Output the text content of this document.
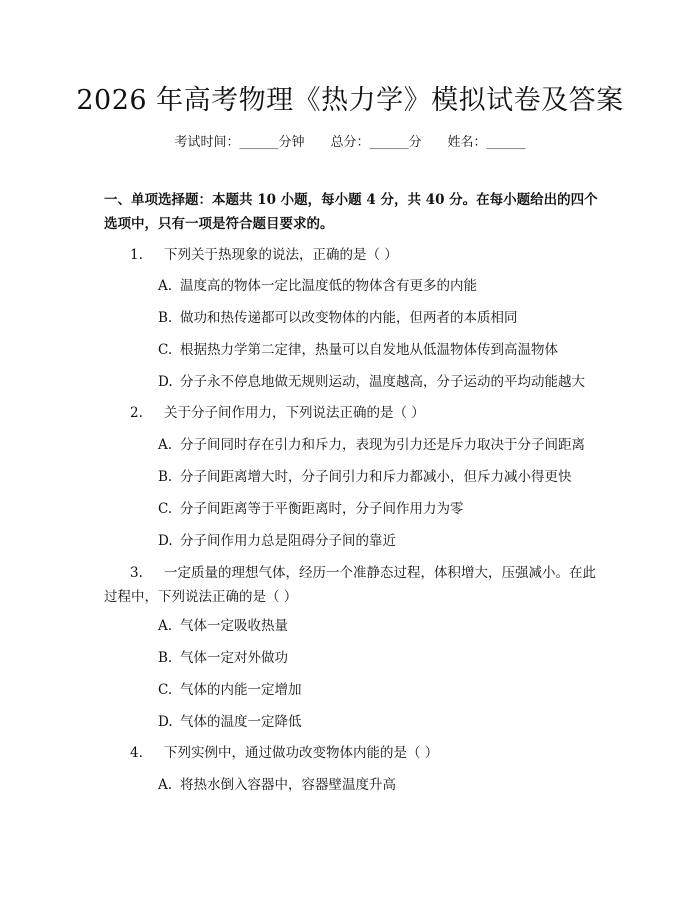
2026 年高考物理《热力学》模拟试卷及答案
考试时间：______分钟 总分：______分 姓名：______
一、单项选择题：本题共 10 小题，每小题 4 分，共 40 分。在每小题给出的四个选项中，只有一项是符合题目要求的。
1. 下列关于热现象的说法，正确的是（ ）
A. 温度高的物体一定比温度低的物体含有更多的内能
B. 做功和热传递都可以改变物体的内能，但两者的本质相同
C. 根据热力学第二定律，热量可以自发地从低温物体传到高温物体
D. 分子永不停息地做无规则运动，温度越高，分子运动的平均动能越大
2. 关于分子间作用力，下列说法正确的是（ ）
A. 分子间同时存在引力和斥力，表现为引力还是斥力取决于分子间距离
B. 分子间距离增大时，分子间引力和斥力都减小，但斥力减小得更快
C. 分子间距离等于平衡距离时，分子间作用力为零
D. 分子间作用力总是阻碍分子间的靠近
3. 一定质量的理想气体，经历一个准静态过程，体积增大，压强减小。在此过程中，下列说法正确的是（ ）
A. 气体一定吸收热量
B. 气体一定对外做功
C. 气体的内能一定增加
D. 气体的温度一定降低
4. 下列实例中，通过做功改变物体内能的是（ ）
A. 将热水倒入容器中，容器壁温度升高
